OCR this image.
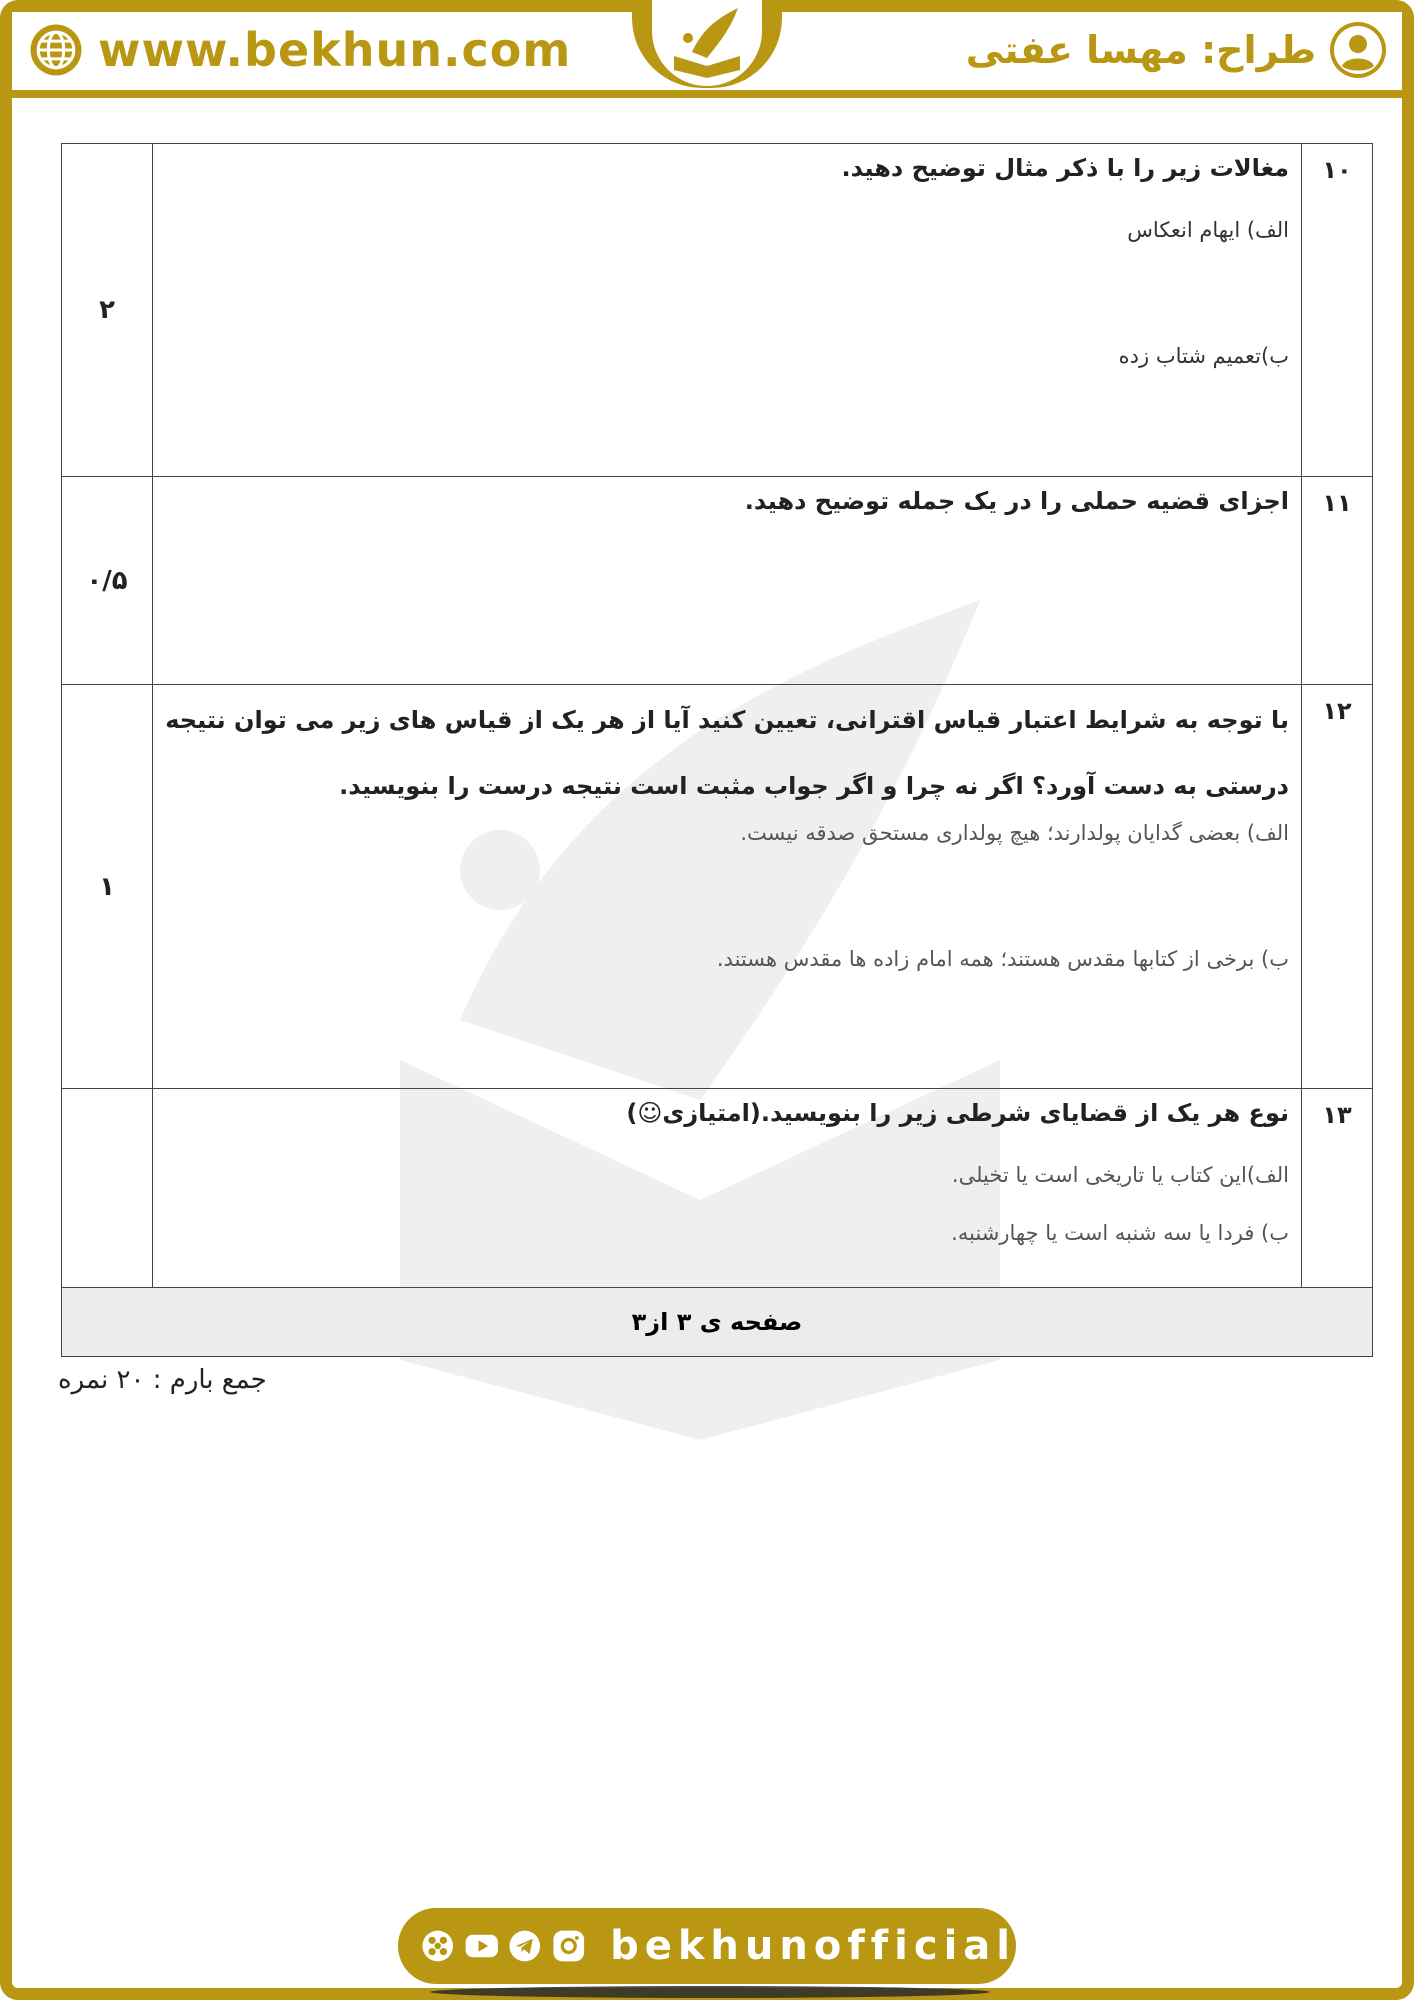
www.bekhun.com	طراح: مهسا عفتی
۱۰	مغالات زیر را با ذکر مثال توضیح دهید.

الف) ایهام انعکاس

ب)تعمیم شتاب زده	۲
۱۱	اجزای قضیه حملی را در یک جمله توضیح دهید.	۰/۵
۱۲	با توجه به شرایط اعتبار قیاس اقترانی، تعیین کنید آیا از هر یک از قیاس های زیر می توان نتیجه درستی به دست آورد؟ اگر نه چرا و اگر جواب مثبت است نتیجه درست را بنویسید.

الف) بعضی گدایان پولدارند؛ هیچ پولداری مستحق صدقه نیست.

ب) برخی از کتابها مقدس هستند؛ همه امام زاده ها مقدس هستند.	۱
۱۳	نوع هر یک از قضایای شرطی زیر را بنویسید.(امتیازی☺)

الف)این کتاب یا تاریخی است یا تخیلی.

ب) فردا یا سه شنبه است یا چهارشنبه.	

صفحه ی ۳ از۳		
جمع بارم : ۲۰ نمره
bekhunofficial
